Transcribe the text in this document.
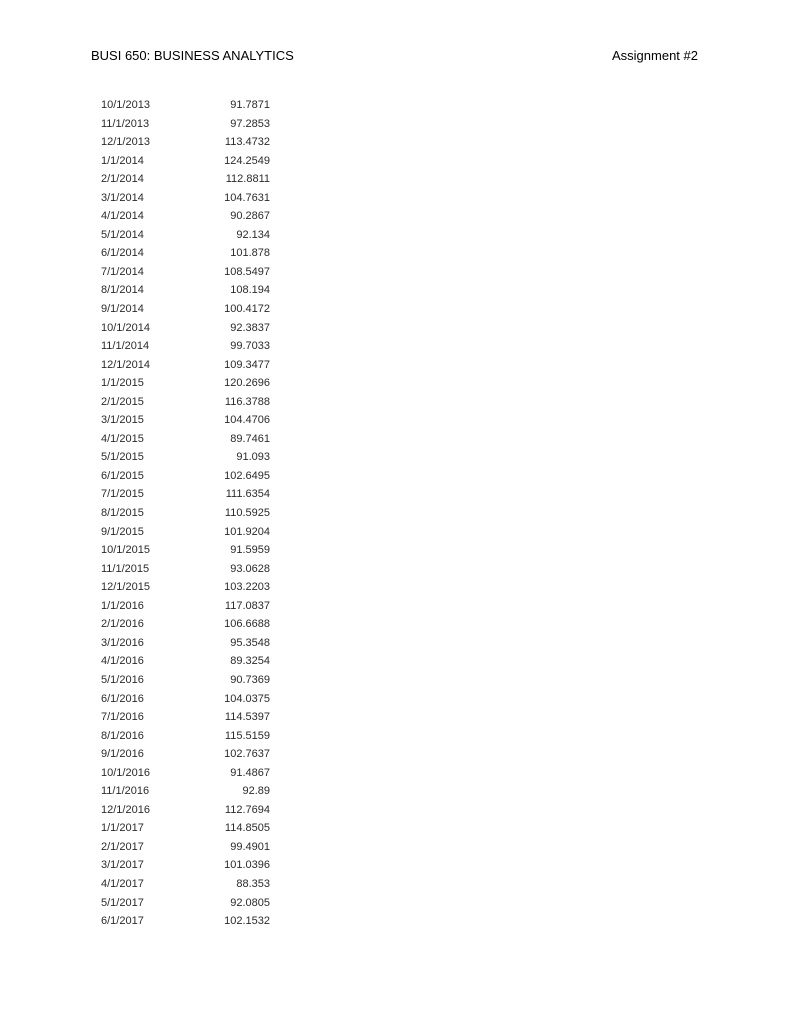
BUSI 650: BUSINESS ANALYTICS	Assignment #2
10/1/2013	91.7871
11/1/2013	97.2853
12/1/2013	113.4732
1/1/2014	124.2549
2/1/2014	112.8811
3/1/2014	104.7631
4/1/2014	90.2867
5/1/2014	92.134
6/1/2014	101.878
7/1/2014	108.5497
8/1/2014	108.194
9/1/2014	100.4172
10/1/2014	92.3837
11/1/2014	99.7033
12/1/2014	109.3477
1/1/2015	120.2696
2/1/2015	116.3788
3/1/2015	104.4706
4/1/2015	89.7461
5/1/2015	91.093
6/1/2015	102.6495
7/1/2015	111.6354
8/1/2015	110.5925
9/1/2015	101.9204
10/1/2015	91.5959
11/1/2015	93.0628
12/1/2015	103.2203
1/1/2016	117.0837
2/1/2016	106.6688
3/1/2016	95.3548
4/1/2016	89.3254
5/1/2016	90.7369
6/1/2016	104.0375
7/1/2016	114.5397
8/1/2016	115.5159
9/1/2016	102.7637
10/1/2016	91.4867
11/1/2016	92.89
12/1/2016	112.7694
1/1/2017	114.8505
2/1/2017	99.4901
3/1/2017	101.0396
4/1/2017	88.353
5/1/2017	92.0805
6/1/2017	102.1532
